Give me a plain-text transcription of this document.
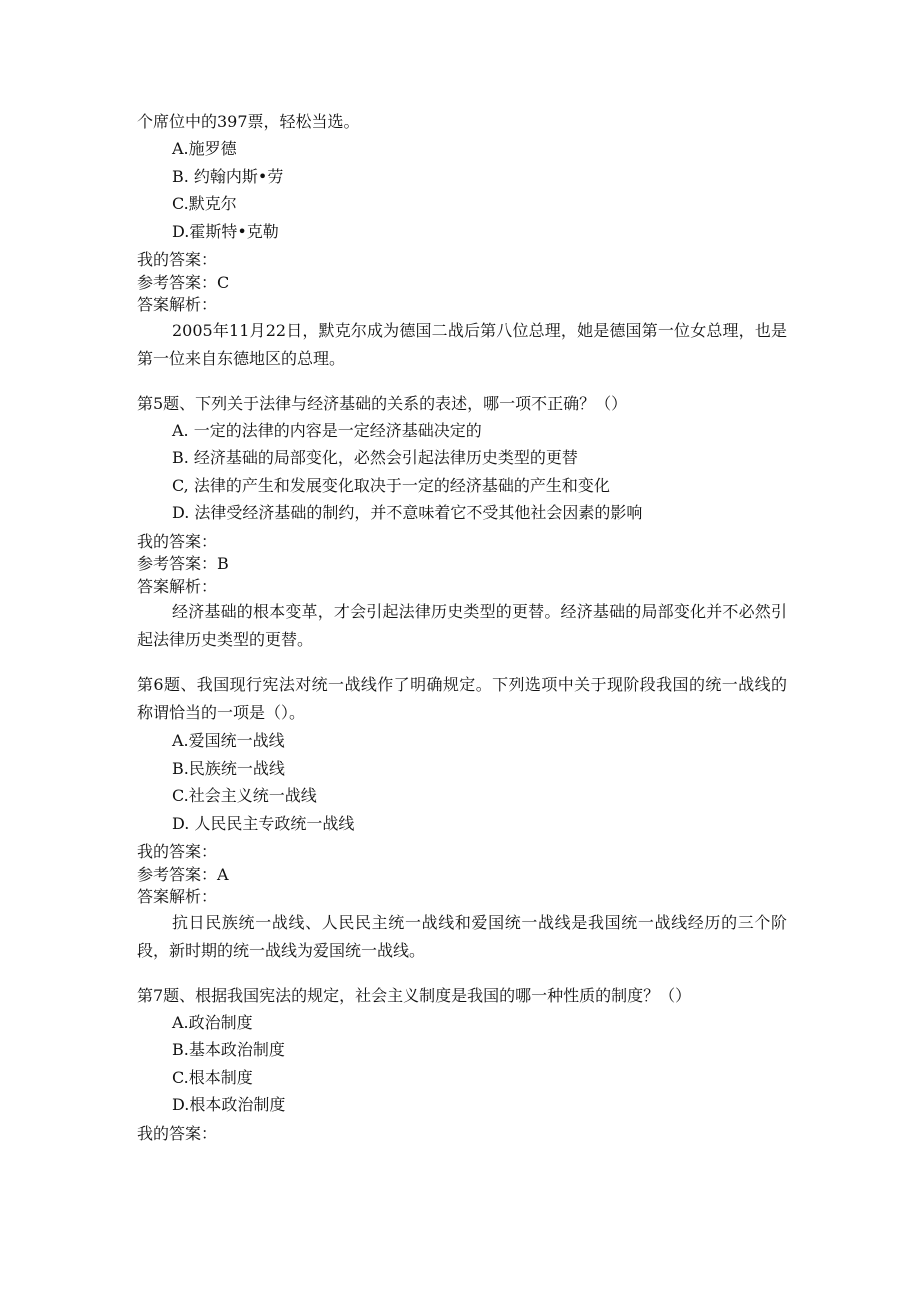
个席位中的397票，轻松当选。
A.施罗德
B. 约翰内斯•劳
C.默克尔
D.霍斯特•克勒
我的答案：
参考答案：C
答案解析：
2005年11月22日，默克尔成为德国二战后第八位总理，她是德国第一位女总理，也是第一位来自东德地区的总理。
第5题、下列关于法律与经济基础的关系的表述，哪一项不正确？（）
A. 一定的法律的内容是一定经济基础决定的
B. 经济基础的局部变化，必然会引起法律历史类型的更替
C, 法律的产生和发展变化取决于一定的经济基础的产生和变化
D. 法律受经济基础的制约，并不意味着它不受其他社会因素的影响
我的答案：
参考答案：B
答案解析：
经济基础的根本变革，才会引起法律历史类型的更替。经济基础的局部变化并不必然引起法律历史类型的更替。
第6题、我国现行宪法对统一战线作了明确规定。下列选项中关于现阶段我国的统一战线的称谓恰当的一项是（）。
A.爱国统一战线
B.民族统一战线
C.社会主义统一战线
D. 人民民主专政统一战线
我的答案：
参考答案：A
答案解析：
抗日民族统一战线、人民民主统一战线和爱国统一战线是我国统一战线经历的三个阶段，新时期的统一战线为爱国统一战线。
第7题、根据我国宪法的规定，社会主义制度是我国的哪一种性质的制度？（）
A.政治制度
B.基本政治制度
C.根本制度
D.根本政治制度
我的答案：
